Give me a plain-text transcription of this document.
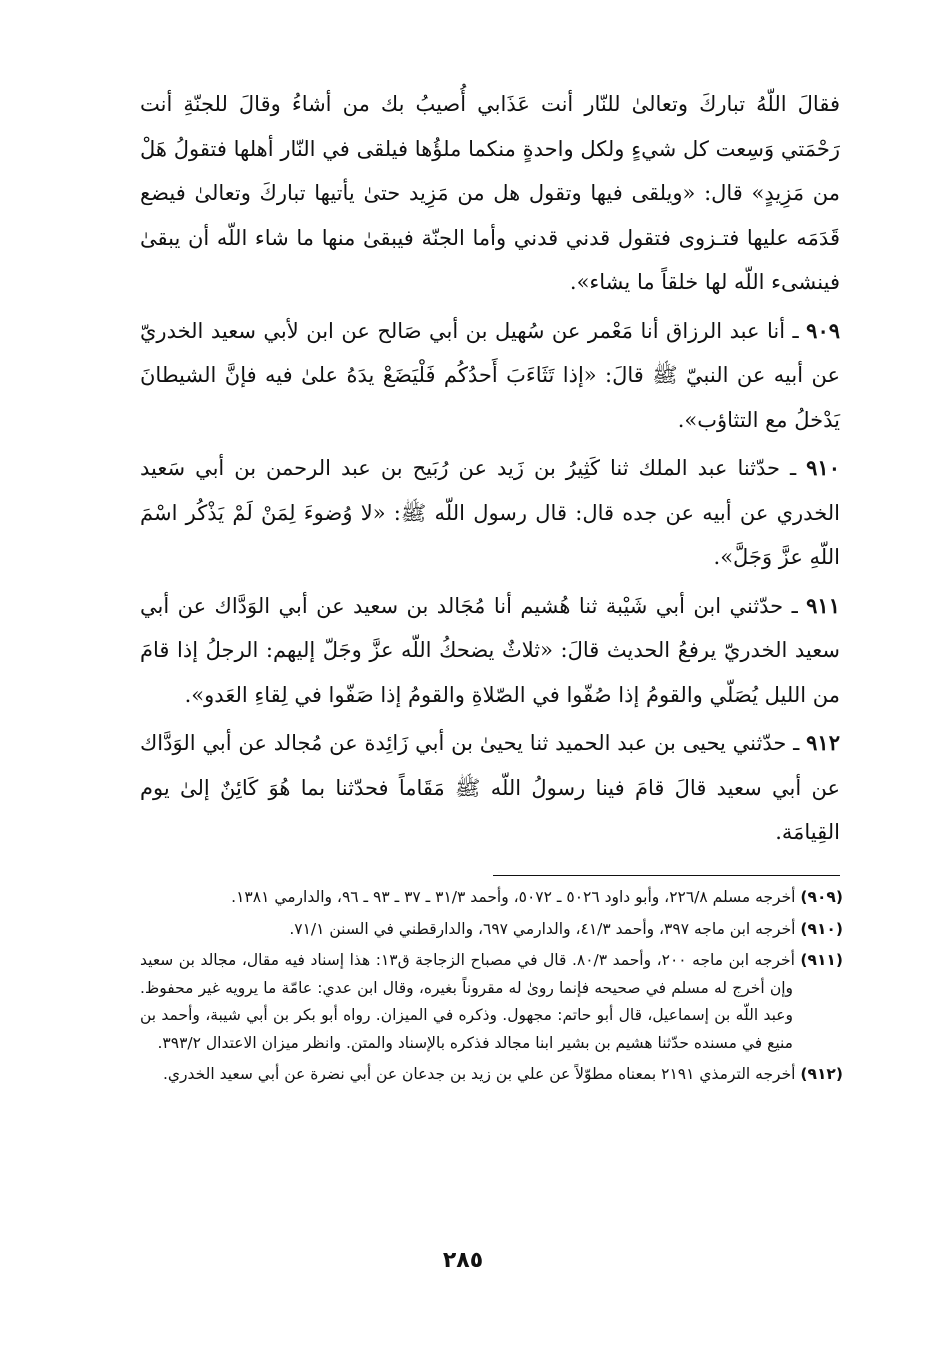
فقالَ اللّهُ تباركَ وتعالىٰ للنّار أنت عَذَابي أُصيبُ بك من أشاءُ وقالَ للجنّةِ أنت رَحْمَتي وَسِعت كل شيءٍ ولكل واحدةٍ منكما ملؤُها فيلقى في النّار أهلها فتقولُ هَلْ من مَزِيدٍ» قال: «ويلقى فيها وتقول هل من مَزِيد حتىٰ يأتيها تباركَ وتعالىٰ فيضع قَدَمَه عليها فتـزوى فتقول قدني قدني وأما الجنّة فيبقىٰ منها ما شاء اللّه أن يبقىٰ فينشىء اللّه لها خلقاً ما يشاء».

٩٠٩ ـ أنا عبد الرزاق أنا مَعْمر عن سُهيل بن أبي صَالح عن ابن لأبي سعيد الخدريّ عن أبيه عن النبيّ ﷺ قالَ: «إذا تَثَاءَبَ أَحدُكُم فَلْيَضَعْ يدَهُ علىٰ فيه فإنَّ الشيطانَ يَدْخلُ مع التثاؤب».

٩١٠ ـ حدّثنا عبد الملك ثنا كَثِيرُ بن زَيد عن رُبَيح بن عبد الرحمن بن أبي سَعيد الخدري عن أبيه عن جده قال: قال رسول اللّه ﷺ: «لا وُضوءَ لِمَنْ لَمْ يَذْكُر اسْمَ اللّهِ عزَّ وَجَلَّ».

٩١١ ـ حدّثني ابن أبي شَيْبة ثنا هُشيم أنا مُجَالد بن سعيد عن أبي الوَدَّاك عن أبي سعيد الخدريّ يرفعُ الحديث قالَ: «ثلاثٌ يضحكُ اللّه عزَّ وجَلّ إليهم: الرجلُ إذا قامَ من الليل يُصَلّي والقومُ إذا صُفّوا في الصّلاةِ والقومُ إذا صَفّوا في لِقاءِ العَدو».

٩١٢ ـ حدّثني يحيى بن عبد الحميد ثنا يحيىٰ بن أبي زَائِدة عن مُجالد عن أبي الوَدَّاك عن أبي سعيد قالَ قامَ فينا رسولُ اللّه ﷺ مَقَاماً فحدّثنا بما هُوَ كَائِنٌ إلىٰ يوم القِيامَة.

(٩٠٩) أخرجه مسلم ٢٢٦/٨، وأبو داود ٥٠٢٦ ـ ٥٠٧٢، وأحمد ٣١/٣ ـ ٣٧ ـ ٩٣ ـ ٩٦، والدارمي ١٣٨١.

(٩١٠) أخرجه ابن ماجه ٣٩٧، وأحمد ٤١/٣، والدارمي ٦٩٧، والدارقطني في السنن ٧١/١.

(٩١١) أخرجه ابن ماجه ٢٠٠، وأحمد ٨٠/٣. قال في مصباح الزجاجة ق١٣: هذا إسناد فيه مقال، مجالد بن سعيد وإن أخرج له مسلم في صحيحه فإنما روىٰ له مقروناً بغيره، وقال ابن عدي: عامّة ما يرويه غير محفوظ. وعبد اللّه بن إسماعيل، قال أبو حاتم: مجهول. وذكره في الميزان. رواه أبو بكر بن أبي شيبة، وأحمد بن منيع في مسنده حدّثنا هشيم بن بشير ابنا مجالد فذكره بالإسناد والمتن. وانظر ميزان الاعتدال ٣٩٣/٢.

(٩١٢) أخرجه الترمذي ٢١٩١ بمعناه مطوّلاً عن علي بن زيد بن جدعان عن أبي نضرة عن أبي سعيد الخدري.

٢٨٥
